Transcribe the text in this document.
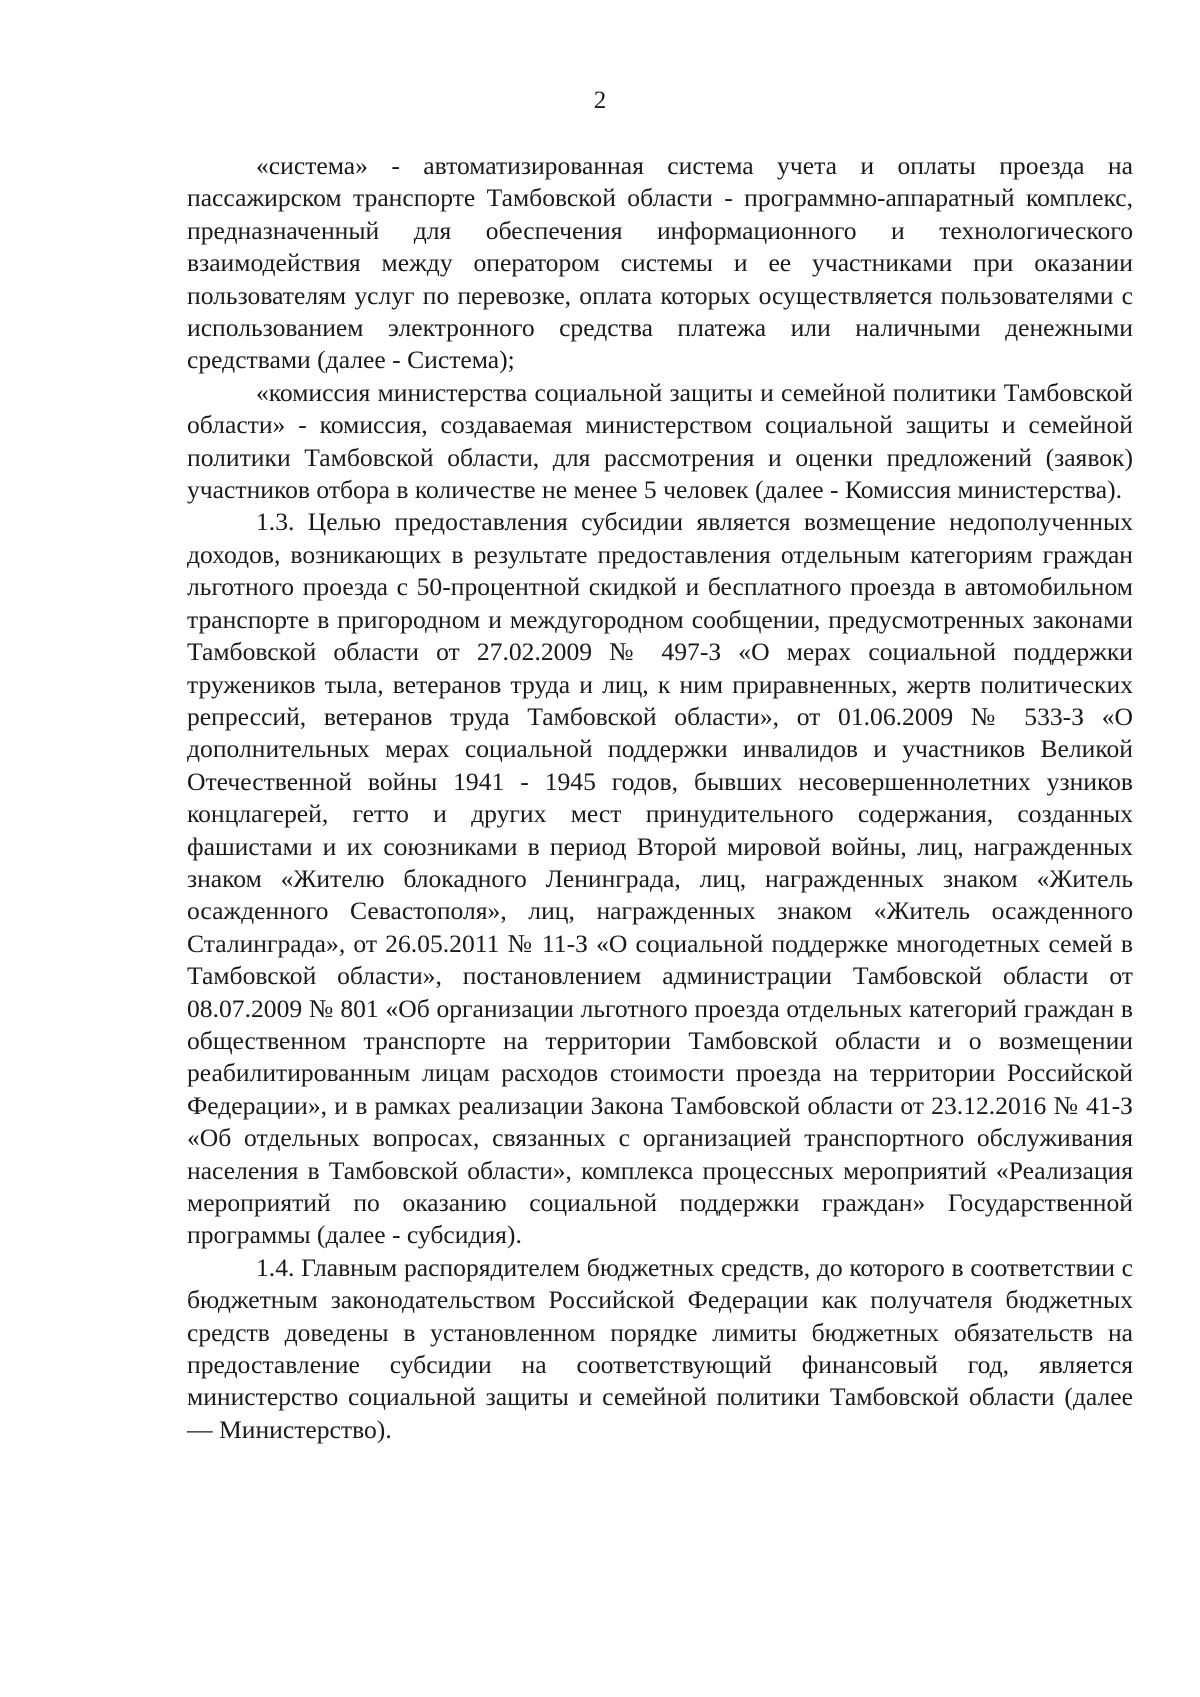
2

«система» - автоматизированная система учета и оплаты проезда на пассажирском транспорте Тамбовской области - программно-аппаратный комплекс, предназначенный для обеспечения информационного и технологического взаимодействия между оператором системы и ее участниками при оказании пользователям услуг по перевозке, оплата которых осуществляется пользователями с использованием электронного средства платежа или наличными денежными средствами (далее - Система);

«комиссия министерства социальной защиты и семейной политики Тамбовской области» - комиссия, создаваемая министерством социальной защиты и семейной политики Тамбовской области, для рассмотрения и оценки предложений (заявок) участников отбора в количестве не менее 5 человек (далее - Комиссия министерства).

1.3. Целью предоставления субсидии является возмещение недополученных доходов, возникающих в результате предоставления отдельным категориям граждан льготного проезда с 50-процентной скидкой и бесплатного проезда в автомобильном транспорте в пригородном и междугородном сообщении, предусмотренных законами Тамбовской области от 27.02.2009 № 497-З «О мерах социальной поддержки тружеников тыла, ветеранов труда и лиц, к ним приравненных, жертв политических репрессий, ветеранов труда Тамбовской области», от 01.06.2009 № 533-З «О дополнительных мерах социальной поддержки инвалидов и участников Великой Отечественной войны 1941 - 1945 годов, бывших несовершеннолетних узников концлагерей, гетто и других мест принудительного содержания, созданных фашистами и их союзниками в период Второй мировой войны, лиц, награжденных знаком «Жителю блокадного Ленинграда, лиц, награжденных знаком «Житель осажденного Севастополя», лиц, награжденных знаком «Житель осажденного Сталинграда», от 26.05.2011 № 11-З «О социальной поддержке многодетных семей в Тамбовской области», постановлением администрации Тамбовской области от 08.07.2009 № 801 «Об организации льготного проезда отдельных категорий граждан в общественном транспорте на территории Тамбовской области и о возмещении реабилитированным лицам расходов стоимости проезда на территории Российской Федерации», и в рамках реализации Закона Тамбовской области от 23.12.2016 № 41-З «Об отдельных вопросах, связанных с организацией транспортного обслуживания населения в Тамбовской области», комплекса процессных мероприятий «Реализация мероприятий по оказанию социальной поддержки граждан» Государственной программы (далее - субсидия).

1.4. Главным распорядителем бюджетных средств, до которого в соответствии с бюджетным законодательством Российской Федерации как получателя бюджетных средств доведены в установленном порядке лимиты бюджетных обязательств на предоставление субсидии на соответствующий финансовый год, является министерство социальной защиты и семейной политики Тамбовской области (далее — Министерство).
